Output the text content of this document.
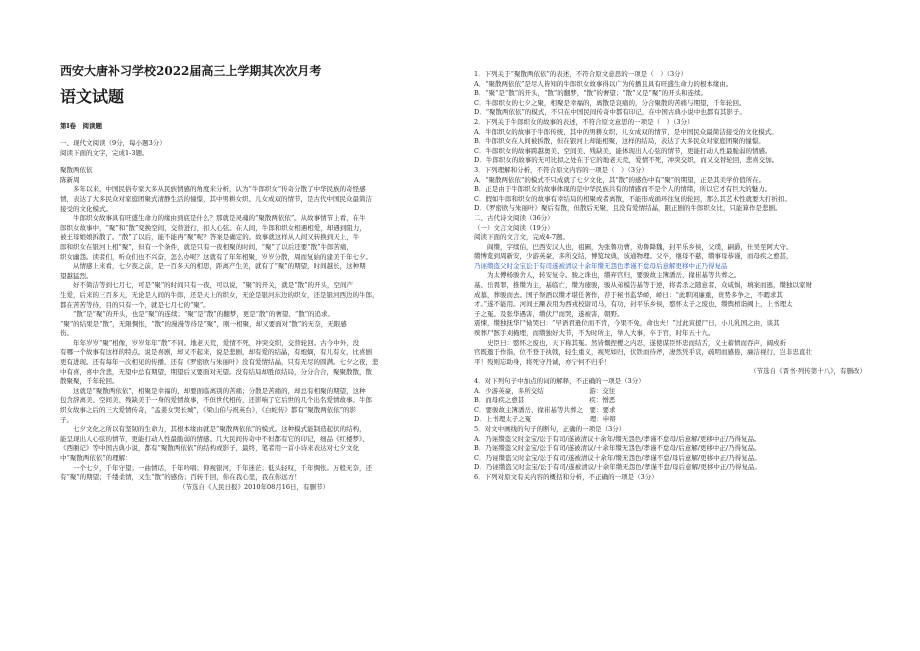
西安大唐补习学校2022届高三上学期其次次月考
语文试题
第Ⅰ卷　阅读题

一、现代文阅读（9分，每小题3分）

阅读下面的文字，完成1-3题。

聚散两依依

陈新周

多年以来，中国民俗专家大多从民族情感的角度来分析，认为“牛郎织女”传奇分散了中华民族的奇怪感

情，表达了大多民众对家庭团聚式清静生活的憧憬，其中男耕女织、儿女成双的情节，是古代中国民众最简洁

接受的文化模式。

牛郎织女故事具有旺盛生命力的缘由到底是什么？那就是灵魂的“聚散两依依”。从故事情节上看，在牛

郎织女故事中，“聚”和“散”变换空间，交替进行，扣人心弦。在人间，牛郎和织女相遇相爱，却遇到阻力，

被王母娘娘拆散了。“散”了以后，能不能再“聚”呢？答案是确定的。故事就这样从人间又转换到天上，牛

郎和织女在银河上相“聚”，但有一个条件，就是只有一夜相聚的时间，“聚”了以后还要“散”牛郎苦痛，

织女幽怨。读者们，听众们也不兴奋，怎么办呢？这就有了年年相聚，岁岁分散，周而复始的建美千年七夕。

从情感上来看，七夕夜之前，是一百多天的相思，距离产生美，就有了“聚”的期望，时间越长，这种期

望越猛烈。

好不简洁等到七月七，可是“聚”的时间只有一夜，可以说，“聚”的开关，就是“散”的开头，空间产

生爱，后来的三百多天，无论是人间的牛郎，还是天上的织女，无论是银河东边的织女，还是银河西边的牛郎，

都在苦苦等待，目的只有一个，就是七月七的“聚”。

“散”是“聚”的开头，也是“聚”的连续；“聚”是“散”的翻梦，更是“散”的奢望、“散”的追求。

“聚”的结果是“散”，无限惆怅，“散”的漫漫等待是“聚”，刚一相聚，却又要面对“散”的无奈，无限感

伤。

年年岁岁“聚”相像，岁岁年年“散”不同。地老天荒，爱情不死，冲突交织，交替轮回。古今中外，没

有哪一个故事有这样的特点。说是喜剧，却又不起来，说是悲剧，却有爱的结晶，有炮嫡，有儿有女，比喜剧

更有进现。还有每年一次相见的传播，还有《罗密欧与朱丽叶》没有爱情结晶，只有无尽的圆满。七夕之夜，悲

中有喜，喜中含悲，无望中总有期望，期望后又要面对无望。没有结局却胜似结局，分分合合，聚聚散散，散

散聚聚，千年轮回。

这就是“聚散两依依”，相聚是幸福的，却要面临离别的苦痛；分散是苦痛的，却总有相聚的期望，这种

包含辞离美、空间美、残缺美于一身的爱情故事，不但世代相传，还影响了它后世的几个出名爱情故事。牛郎

织女故事之后的三大爱情传奇，“孟姜女哭长城”，《梁山伯与祝英台》，《白蛇传》都有“聚散两依依”的影

子。

七夕文化之所以有坚韧的生命力，其根本缘由就是“聚散两依依”的模式。这种模式能制造起伏的结构，

能呈现出人心弦的情节，更能打动人性最脆弱的情感。几大民间传奇中不但都有它的印记，细品《红楼梦》、

《西厢记》等中国古典小说，都有“聚散两依依”的结构或影子，最终，笔者用一首小诗来表达对七夕文化

中“聚散两依依”的理解：

一个七夕，千年守望；一曲情话，千年吟唱；仰视银河，千年迷茫；低头轻叹，千年惆怅。万般无奈，还

有“聚”的期望；千缕柔情，又生“散”的感伤；百转千回，你在我心里，我在你远方！

（节选自《人民日报》2010年08月16日，有删节）

1．下列关于“聚散两依依”的表述，不符合原文意思的一项是（　）（3分）

A．“聚散两依依”是尽人皆知的牛郎织女故事得以广为传播且具有旺盛生命力的根本缘由。

B．“聚”是“散”的开头，“散”的翻梦，“散”的奢望；“散”又是“聚”的开头和连续。

C．牛郎织女的七夕之聚，相聚是幸福的，离散是哀痛的，分合聚散的苦痛与期望，千年轮回。

D．“聚散两依依”的模式，不只在中国民间传奇中都有印记，在中国古典小说中也都有其影子。

2．下列关于牛郎织女的故事的表述，不符合原文意思的一项是（　）（3分）

A．牛郎织女的故事于牛郎传统，其中的男耕女织、儿女成双的情节，是中国民众最简洁接受的文化模式。

B．牛郎织女在人间被拆散，但在银河上却能相聚，这样的结局，表达了大多民众对家庭团聚的憧憬。

C．牛郎织女的故事跨越奥美、空间美、残缺美，能体现出人心弦的情节，更能打动人性最脆弱的情感。

D．牛郎织女的故事的无可比拟之处在于它的地老天荒，爱情不死，冲突交织，而又交替轮回，悲喜交加。

3．下列理解和分析，不符合原文内容的一项是（　）（3分）

A．“聚散两依依”的模式不只成就了七夕文化，其“散”的感伤中有“聚”的期望，正是其美学价值所在。

B．正是由于牛郎织女的故事体现的是中华民族共有的情感而不是个人的情绪，所以它才有巨大的魅力。

C．假如牛郎和织女的故事有幸结局的相聚或者离散，不能形成循环往复的轮回，那么其艺术性就要大打折扣。

D．《罗密欧与朱丽叶》聚后有散，但散后无聚，且没有爱情结晶，跟正剧的牛郎织女比，只能算作是悲剧。

二、古代诗文阅读（36分）

（一）文言文阅读（19分）

阅读下面的文言文，完成4-7题。

阎缵，字续伯，巴西安汉人也，祖圃，为张鲁功曹，劝鲁降魏，封平乐乡侯，父璞，嗣爵，仕吴至阿大守。

缵博览到周新安，少游英豪，多所交结，博览坟典，该通物理。父卒，继母不慈，缵事母恭谨，而母疾之愈甚，

乃诬缵盗父时金宝讼于有司遂被清议十余年缵无怨色孝谨不怠母后意解更移中正乃得复品

为太傅杨骏舍人，转安复令。骏之诛也，缵弃官归，要骏故主簿潘岳、掾崔基等共葬之。

基、岳畏罪，推缵为主，基临亡，缵为瘗骏，骏从弟模告基等于逆，将者杀之随意者，众咸惧，填案而逃，缵独以家财

成墓，葬骏而去。国子祭酒以缵才堪任著作，荐于秘书监华峤，峤曰：“此职闲廉重，贵势多争之，不暇求其

才。”遂不能用。河间王颙表用为西戎校尉司马，有功，封平乐乡侯，愍怀太子之废也，缵舆棺诣阙上，上书理太

子之冤。及张华遇害，缵伏尸而哭，遂被害，朝野。

震悚，缵独抚华尸恸哭曰：“早语君逊位而不肯，今果不免，命也夫！”过此寅援尸日，小儿乳国之由，谈其

殡葬尸骸手刈掩埋，而缵独好大节，不为时所主，举人大事，卒于官，时年五十九。

史臣曰：愍怀之废也，天下称其冤。然皆慨捏樱之内忍，遂使谋臣怀忠而结舌，义士蓄愤而吞声，阔戍祈

官既邀于作指，位不登于执戟，轻生重义，视死如归，伏铁而待斧，凄然凭乎哀，疏明而感倦，廉洁视行，岂非忠直壮

平！殁则忘助身，将死守丹诚，亦宁何不归乎！

（节选自《晋书·列传第十八》，有删改）

4．对下列句子中加点的词的解释，不正确的一项是（3分）

A．少游英豪，多所交结　　　　　　　游：交往

B．而母疾之愈甚　　　　　　　　　　疾：憎恶

C．要骏故主簿潘岳、掾崔基等共葬之　要：要求

D．上书理太子之冤　　　　　　　　　理：申辩

5．对文中画线的句子的断句，正确的一项是（3分）

A．乃诬缵盗父时金宝/讼于有司/遂被清议十余年/缵无怨色/孝谨不怠母/后意解/更移中正/乃得复品。

B．乃诬缵盗父时金宝/讼于有司/遂被清议/十余年缵无怨色/孝谨不怠母/后意解/更移中正/乃得复品。

C．乃诬缵盗父时金宝/讼于有司/遂被清议十余年/缵无怨色/孝谨不怠/母后意解/更移中正/乃得复品。

D．乃诬缵盗父时金宝/讼于有司/遂被清议/十余年缵无怨色/孝谨不怠/母后意解/更移中正/乃得复品。

6．下列对原文有关内容的概括和分析，不正确的一项是（3分）
